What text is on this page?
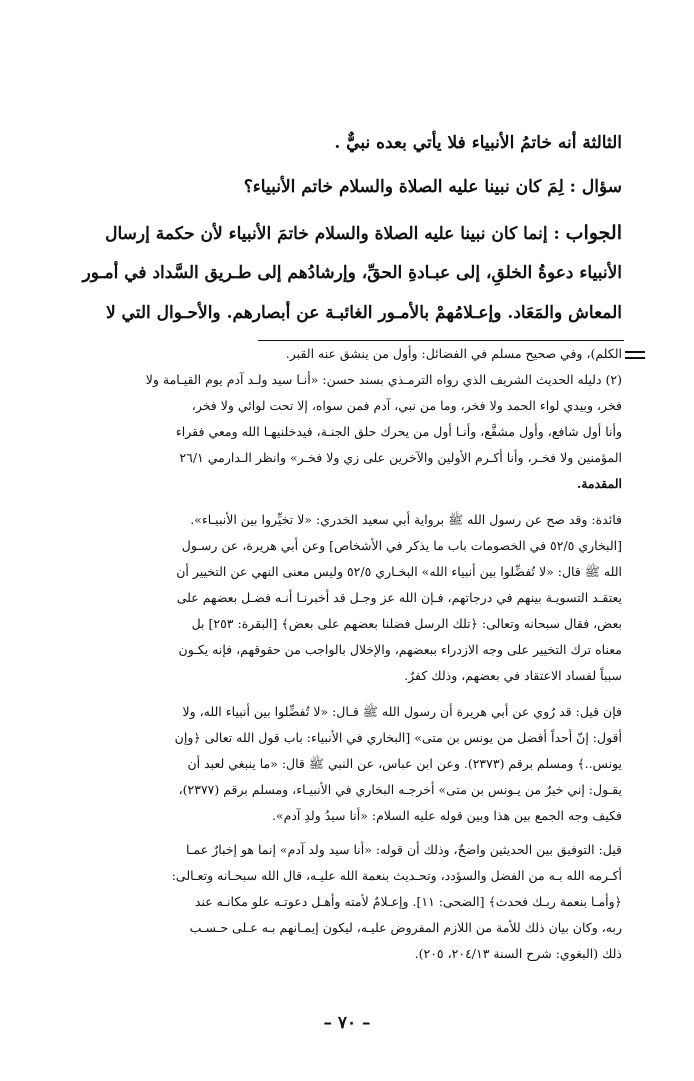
الثالثة أنه خاتمُ الأنبياء فلا يأتي بعده نبيٌّ .
سؤال : لِمَ كان نبينا عليه الصلاة والسلام خاتم الأنبياء؟
الجواب : إنما كان نبينا عليه الصلاة والسلام خاتمَ الأنبياء لأن حكمة إرسال
الأنبياء دعوةُ الخلقِ، إلى عبـادةِ الحقِّ، وإرشادُهم إلى طـريق السَّداد في أمـور
المعاش والمَعَاد. وإعـلامُهمْ بالأمـور الغائبـة عن أبصارهم. والأحـوال التي لا
الكلم)، وفي صحيح مسلم في الفضائل: وأول من ينشق عنه القبر.
(٢) دليله الحديث الشريف الذي رواه الترمـذي بسند حسن: «أنـا سيد ولـد آدم يوم القيـامة ولا
فخر، وبيدي لواء الحمد ولا فخر، وما من نبي، آدم فمن سواه، إلا تحت لوائي ولا فخر،
وأنا أول شافع، وأول مشفَّع، وأنـا أول من يحرك حلق الجنـة، فيدخلنيهـا الله ومعي فقراء
المؤمنين ولا فخـر، وأنا أكـرم الأولين والآخرين على زي ولا فخـر» وانظر الـدارمي ٢٦/١
المقدمة.
فائدة: وقد صح عن رسول الله ﷺ برواية أبي سعيد الخدري: «لا تخيِّروا بين الأنبيـاء».
[البخاري ٥٢/٥ في الخصومات باب ما يذكر في الأشخاص] وعن أبي هريرة، عن رسـول
الله ﷺ قال: «لا تُفضِّلوا بين أنبياء الله» البخـاري ٥٢/٥ وليس معنى النهي عن التخيير أن
يعتقـد التسويـة بينهم في درجاتهم، فـإن الله عز وجـل قد أخبرنـا أنـه فضـل بعضهم على
بعض، فقال سبحانه وتعالى: ﴿تلك الرسل فضلنا بعضهم على بعض﴾ [البقرة: ٢٥٣] بل
معناه ترك التخيير على وجه الازدراء ببعضهم، والإخلال بالواجب من حقوقهم، فإنه يكـون
سبباً لفساد الاعتقاد في بعضهم، وذلك كفرٌ.
فإن قيل: قد رُوي عن أبي هريرة أن رسول الله ﷺ قـال: «لا تُفضِّلوا بين أنبياء الله، ولا
أقول: إنّ أحداً أفضل من يونس بن متى» [البخاري في الأنبياء: باب قول الله تعالى ﴿وإن
يونس..﴾ ومسلم برقم (٢٣٧٣). وعن ابن عباس، عن النبي ﷺ قال: «ما ينبغي لعبد أن
يقـول: إني خيرٌ من يـونس بن متى» أخرجـه البخاري في الأنبيـاء، ومسلم برقم (٢٣٧٧)،
فكيف وجه الجمع بين هذا وبين قوله عليه السلام: «أنا سيدُ ولدِ آدم».
قيل: التوفيق بين الحديثين واضحٌ، وذلك أن قوله: «أنا سيد ولد آدم» إنما هو إخبارٌ عمـا
أكـرمه الله بـه من الفضل والسؤدد، وتحـديث بنعمة الله عليـه، قال الله سبحـانه وتعـالى:
﴿وأمـا بنعمة ربـك فحدث﴾ [الضحى: ١١]. وإعـلامٌ لأمته وأهـل دعوتـه علو مكانـه عند
ربه، وكان بيان ذلك للأمة من اللازم المفروض عليـه، ليكون إيمـانهم بـه عـلى حـسـب
ذلك (البغوي: شرح السنة ٢٠٤/١٣، ٢٠٥).
– ٧٠ –
